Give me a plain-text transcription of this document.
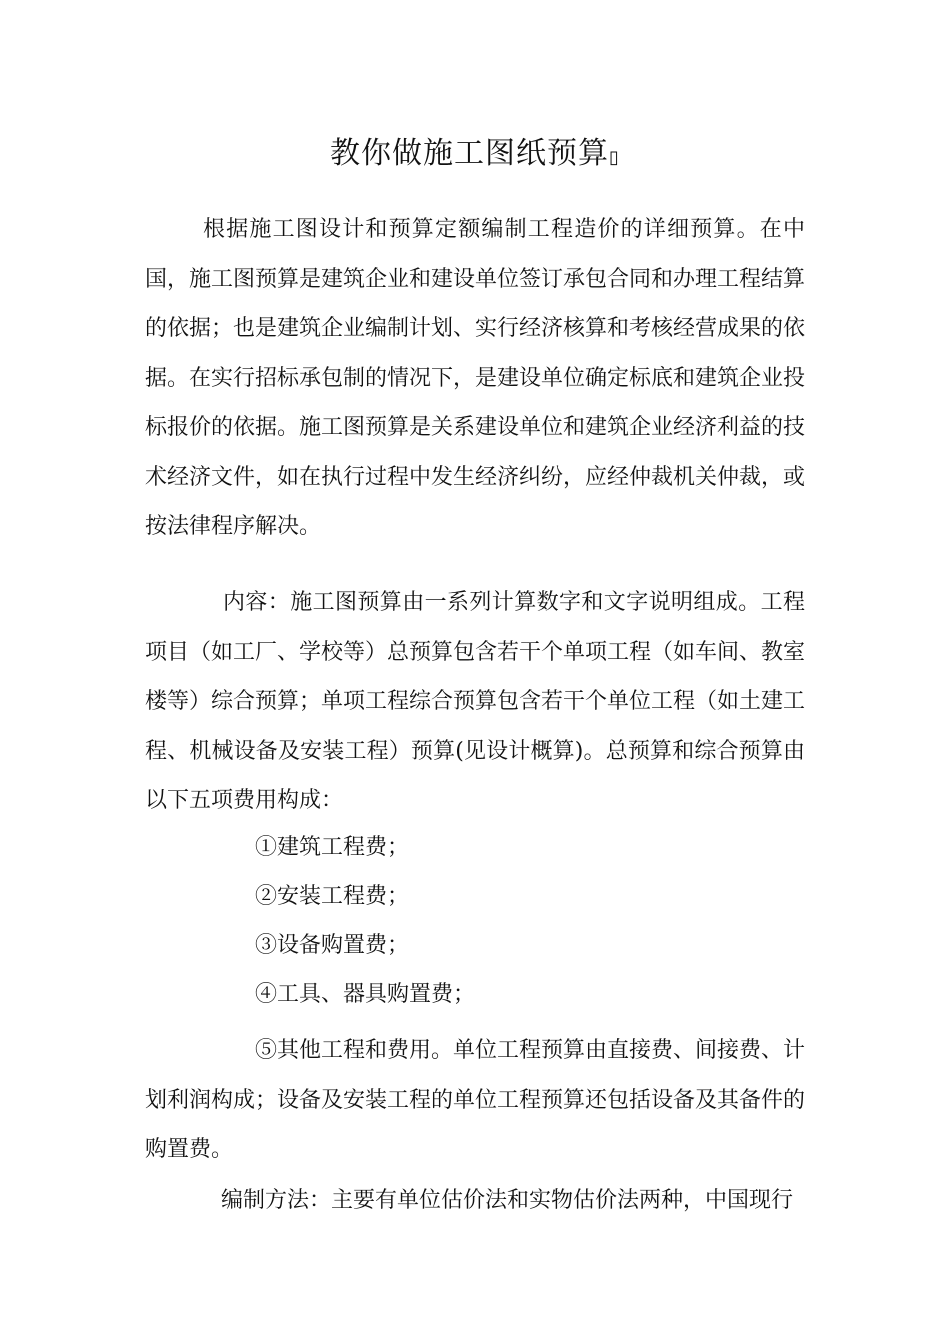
教你做施工图纸预算▯

根据施工图设计和预算定额编制工程造价的详细预算。在中国，施工图预算是建筑企业和建设单位签订承包合同和办理工程结算的依据；也是建筑企业编制计划、实行经济核算和考核经营成果的依据。在实行招标承包制的情况下，是建设单位确定标底和建筑企业投标报价的依据。施工图预算是关系建设单位和建筑企业经济利益的技术经济文件，如在执行过程中发生经济纠纷，应经仲裁机关仲裁，或按法律程序解决。

内容：施工图预算由一系列计算数字和文字说明组成。工程项目（如工厂、学校等）总预算包含若干个单项工程（如车间、教室楼等）综合预算；单项工程综合预算包含若干个单位工程（如土建工程、机械设备及安装工程）预算(见设计概算)。总预算和综合预算由以下五项费用构成：

①建筑工程费；
②安装工程费；
③设备购置费；
④工具、器具购置费；

⑤其他工程和费用。单位工程预算由直接费、间接费、计划利润构成；设备及安装工程的单位工程预算还包括设备及其备件的购置费。

编制方法：主要有单位估价法和实物估价法两种，中国现行
